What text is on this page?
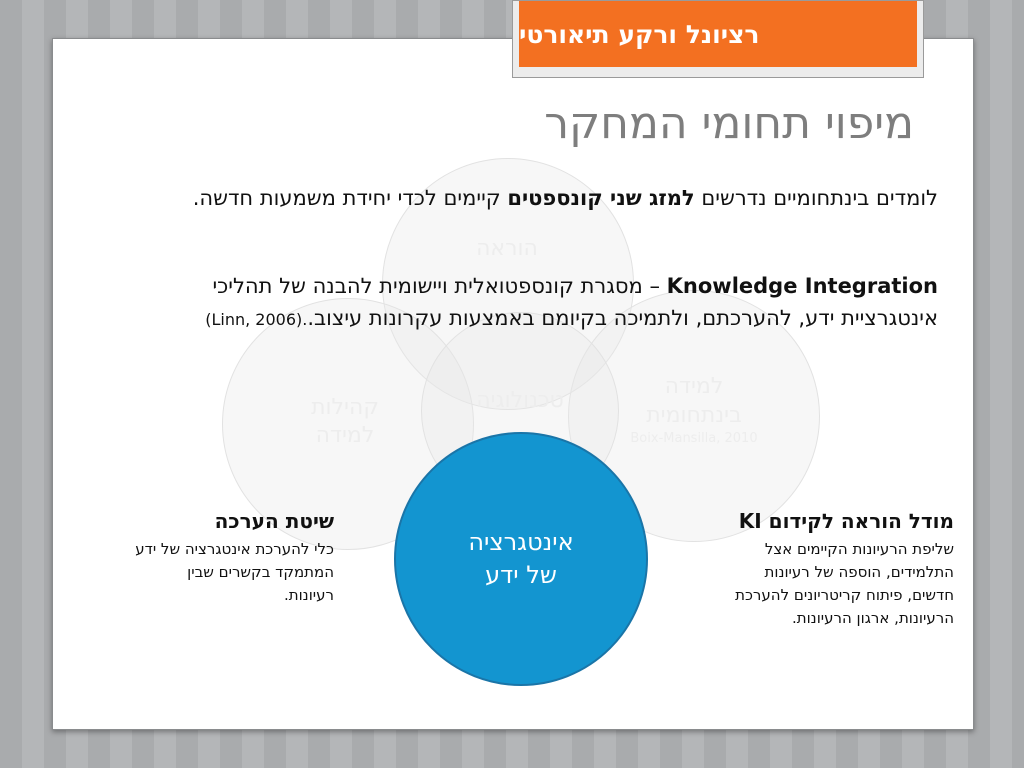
רציונל ורקע תיאורטי
מיפוי תחומי המחקר
הוראה
קהילות
למידה
טכנולוגיה
למידה
בינתחומית
Boix-Mansilla, 2010
לומדים בינתחומיים נדרשים למזג שני קונספטים קיימים לכדי יחידת משמעות חדשה.
Knowledge Integration – מסגרת קונספטואלית ויישומית להבנה של תהליכי אינטגרציית ידע, להערכתם, ולתמיכה בקיומם באמצעות עקרונות עיצוב. (Linn, 2006).
אינטגרציה
של ידע
שיטת הערכה
כלי להערכת אינטגרציה של ידע המתמקד בקשרים שבין רעיונות.
מודל הוראה לקידום KI
שליפת הרעיונות הקיימים אצל התלמידים, הוספה של רעיונות חדשים, פיתוח קריטריונים להערכת הרעיונות, ארגון הרעיונות.
